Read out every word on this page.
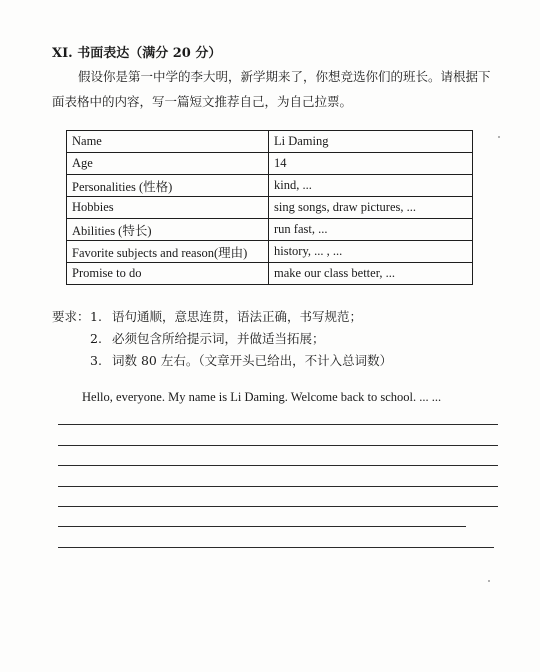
XI. 书面表达（满分 20 分）
假设你是第一中学的李大明，新学期来了，你想竞选你们的班长。请根据下
面表格中的内容，写一篇短文推荐自己，为自己拉票。
Name	Li Daming
Age	14
Personalities (性格)	kind, ...
Hobbies	sing songs, draw pictures, ...
Abilities (特长)	run fast, ...
Favorite subjects and reason(理由)	history, ... , ...
Promise to do	make our class better, ...
要求：1. 语句通顺，意思连贯，语法正确，书写规范；
2. 必须包含所给提示词，并做适当拓展；
3. 词数 80 左右。（文章开头已给出，不计入总词数）
Hello, everyone. My name is Li Daming. Welcome back to school. ... ...
